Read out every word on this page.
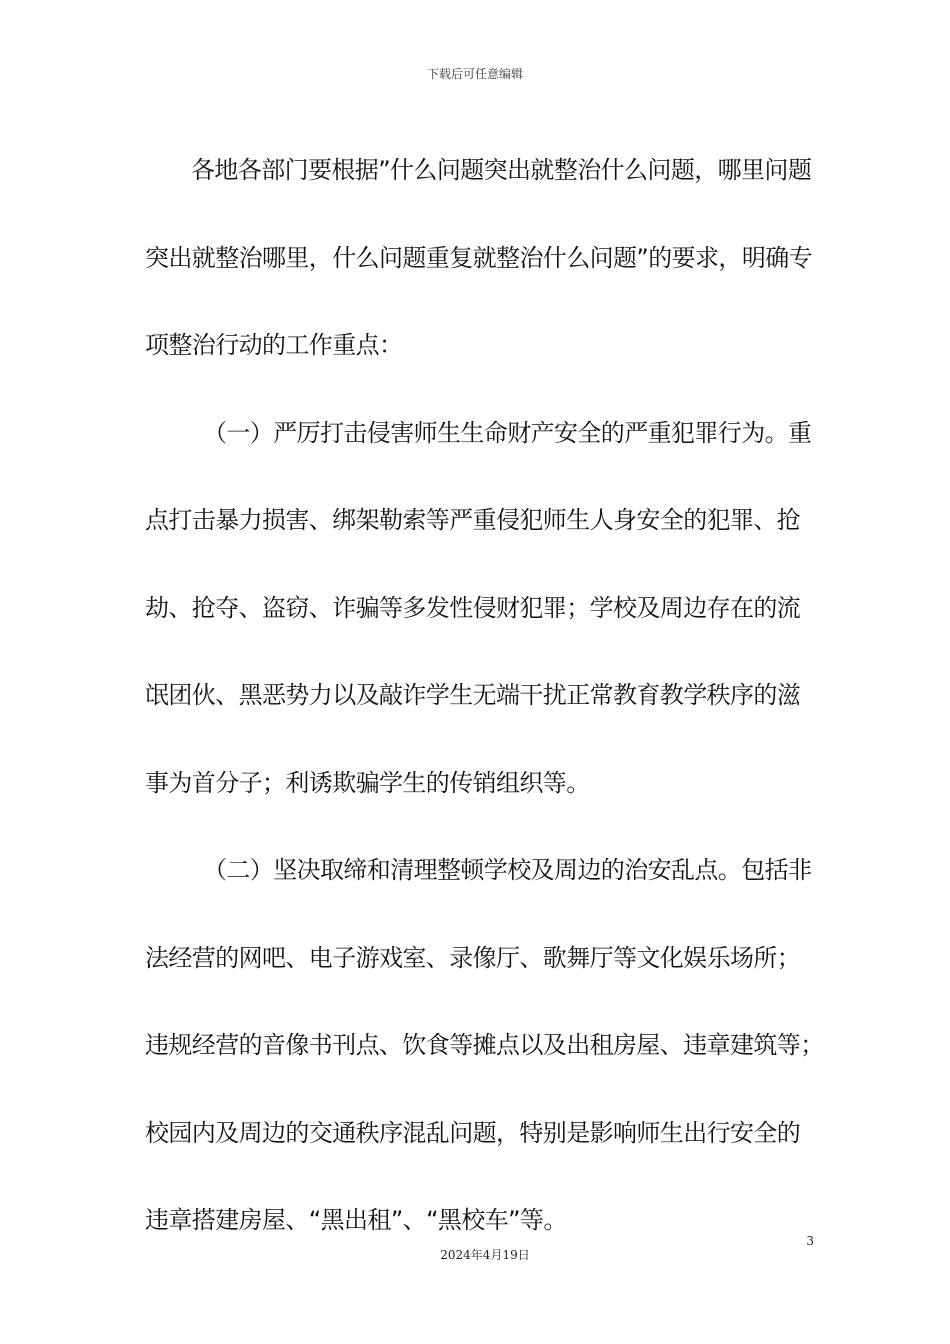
下载后可任意编辑
各地各部门要根据”什么问题突出就整治什么问题，哪里问题
突出就整治哪里，什么问题重复就整治什么问题”的要求，明确专
项整治行动的工作重点：
（一）严厉打击侵害师生生命财产安全的严重犯罪行为。重
点打击暴力损害、绑架勒索等严重侵犯师生人身安全的犯罪、抢
劫、抢夺、盗窃、诈骗等多发性侵财犯罪；学校及周边存在的流
氓团伙、黑恶势力以及敲诈学生无端干扰正常教育教学秩序的滋
事为首分子；利诱欺骗学生的传销组织等。
（二）坚决取缔和清理整顿学校及周边的治安乱点。包括非
法经营的网吧、电子游戏室、录像厅、歌舞厅等文化娱乐场所；
违规经营的音像书刊点、饮食等摊点以及出租房屋、违章建筑等；
校园内及周边的交通秩序混乱问题，特别是影响师生出行安全的
违章搭建房屋、“黑出租”、“黑校车”等。
3
2024年4月19日
